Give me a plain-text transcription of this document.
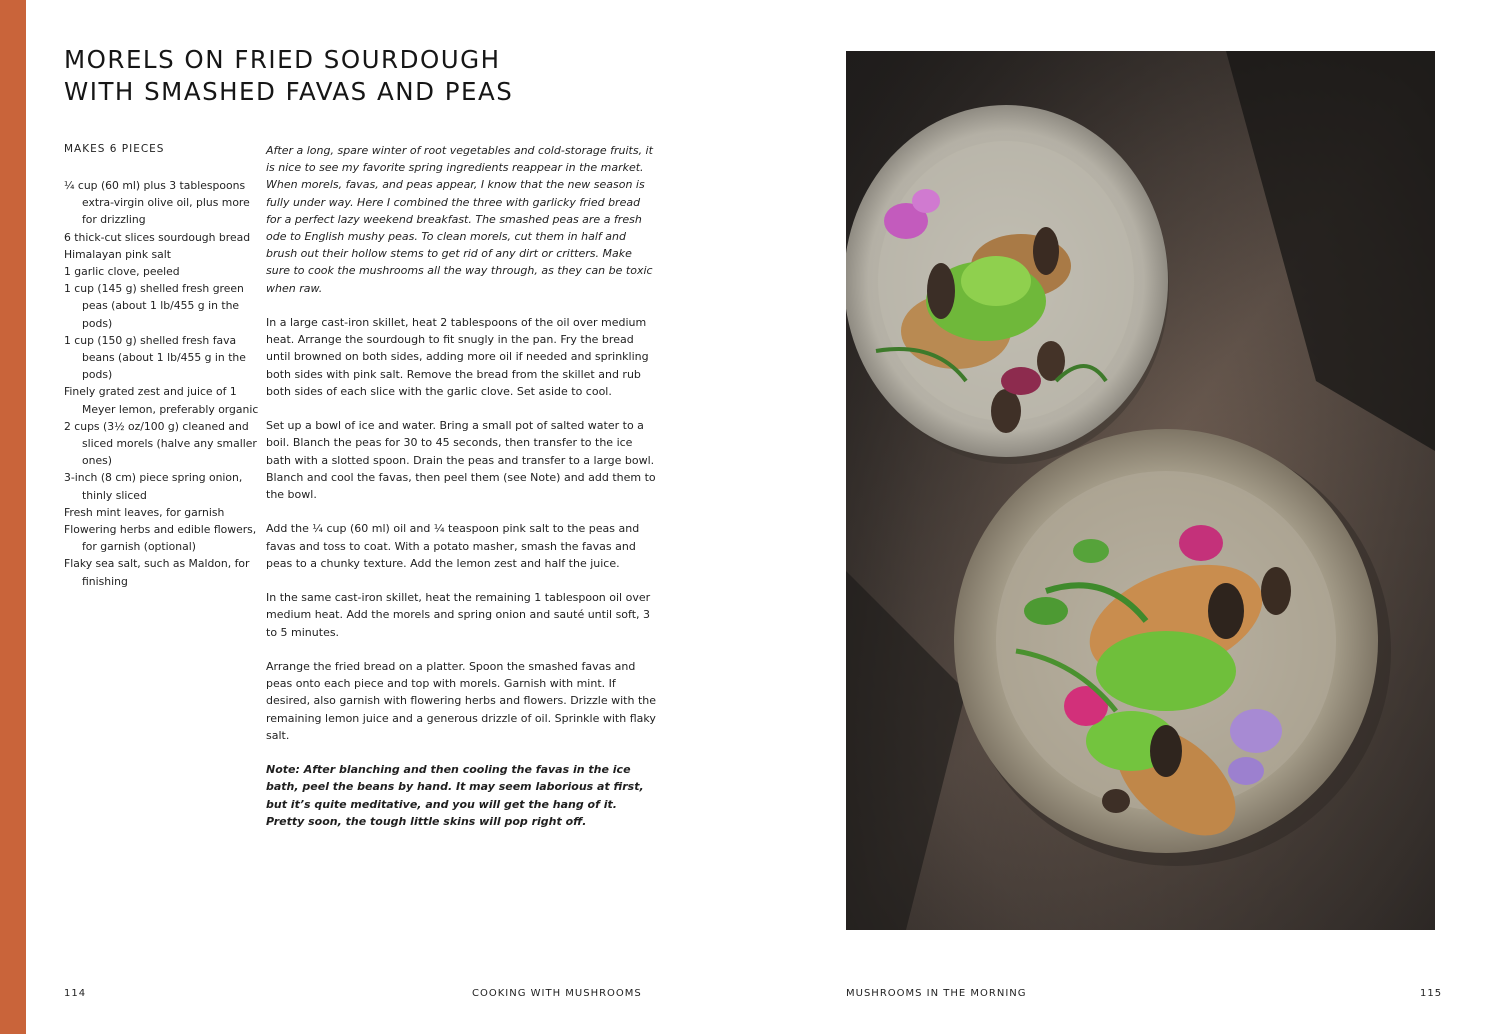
MORELS ON FRIED SOURDOUGH
WITH SMASHED FAVAS AND PEAS

MAKES 6 PIECES

¼ cup (60 ml) plus 3 tablespoons extra-virgin olive oil, plus more for drizzling
6 thick-cut slices sourdough bread
Himalayan pink salt
1 garlic clove, peeled
1 cup (145 g) shelled fresh green peas (about 1 lb/455 g in the pods)
1 cup (150 g) shelled fresh fava beans (about 1 lb/455 g in the pods)
Finely grated zest and juice of 1 Meyer lemon, preferably organic
2 cups (3½ oz/100 g) cleaned and sliced morels (halve any smaller ones)
3-inch (8 cm) piece spring onion, thinly sliced
Fresh mint leaves, for garnish
Flowering herbs and edible flowers, for garnish (optional)
Flaky sea salt, such as Maldon, for finishing

After a long, spare winter of root vegetables and cold-storage fruits, it is nice to see my favorite spring ingredients reappear in the market. When morels, favas, and peas appear, I know that the new season is fully under way. Here I combined the three with garlicky fried bread for a perfect lazy weekend breakfast. The smashed peas are a fresh ode to English mushy peas. To clean morels, cut them in half and brush out their hollow stems to get rid of any dirt or critters. Make sure to cook the mushrooms all the way through, as they can be toxic when raw.

In a large cast-iron skillet, heat 2 tablespoons of the oil over medium heat. Arrange the sourdough to fit snugly in the pan. Fry the bread until browned on both sides, adding more oil if needed and sprinkling both sides with pink salt. Remove the bread from the skillet and rub both sides of each slice with the garlic clove. Set aside to cool.

Set up a bowl of ice and water. Bring a small pot of salted water to a boil. Blanch the peas for 30 to 45 seconds, then transfer to the ice bath with a slotted spoon. Drain the peas and transfer to a large bowl. Blanch and cool the favas, then peel them (see Note) and add them to the bowl.

Add the ¼ cup (60 ml) oil and ¼ teaspoon pink salt to the peas and favas and toss to coat. With a potato masher, smash the favas and peas to a chunky texture. Add the lemon zest and half the juice.

In the same cast-iron skillet, heat the remaining 1 tablespoon oil over medium heat. Add the morels and spring onion and sauté until soft, 3 to 5 minutes.

Arrange the fried bread on a platter. Spoon the smashed favas and peas onto each piece and top with morels. Garnish with mint. If desired, also garnish with flowering herbs and flowers. Drizzle with the remaining lemon juice and a generous drizzle of oil. Sprinkle with flaky salt.

Note: After blanching and then cooling the favas in the ice bath, peel the beans by hand. It may seem laborious at first, but it’s quite meditative, and you will get the hang of it. Pretty soon, the tough little skins will pop right off.

114	COOKING WITH MUSHROOMS	MUSHROOMS IN THE MORNING	115
